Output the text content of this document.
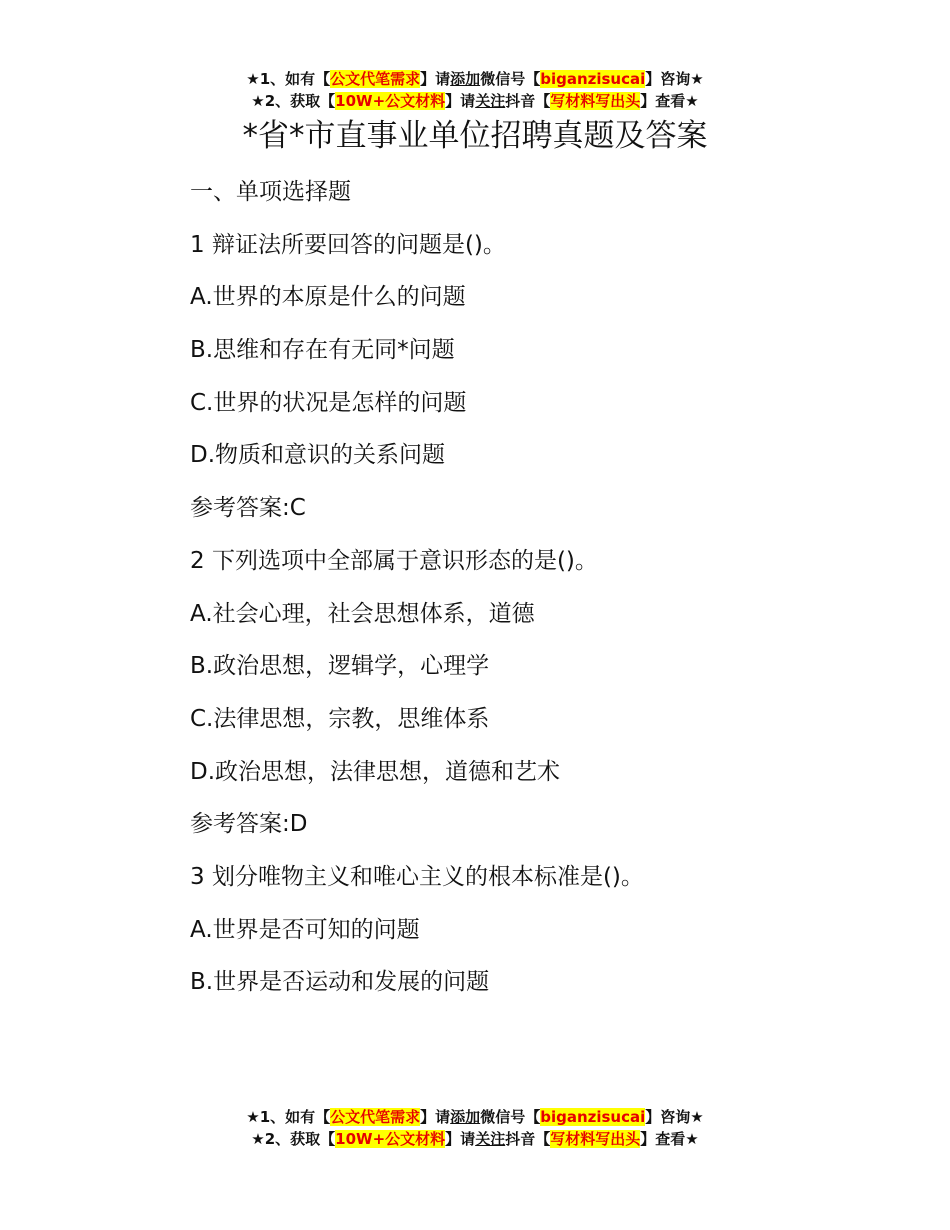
★1、如有【公文代笔需求】请添加微信号【biganzisucai】咨询★
★2、获取【10W+公文材料】请关注抖音【写材料写出头】查看★
*省*市直事业单位招聘真题及答案
一、单项选择题
1 辩证法所要回答的问题是()。
A.世界的本原是什么的问题
B.思维和存在有无同*问题
C.世界的状况是怎样的问题
D.物质和意识的关系问题
参考答案:C
2 下列选项中全部属于意识形态的是()。
A.社会心理，社会思想体系，道德
B.政治思想，逻辑学，心理学
C.法律思想，宗教，思维体系
D.政治思想，法律思想，道德和艺术
参考答案:D
3 划分唯物主义和唯心主义的根本标准是()。
A.世界是否可知的问题
B.世界是否运动和发展的问题
★1、如有【公文代笔需求】请添加微信号【biganzisucai】咨询★
★2、获取【10W+公文材料】请关注抖音【写材料写出头】查看★
